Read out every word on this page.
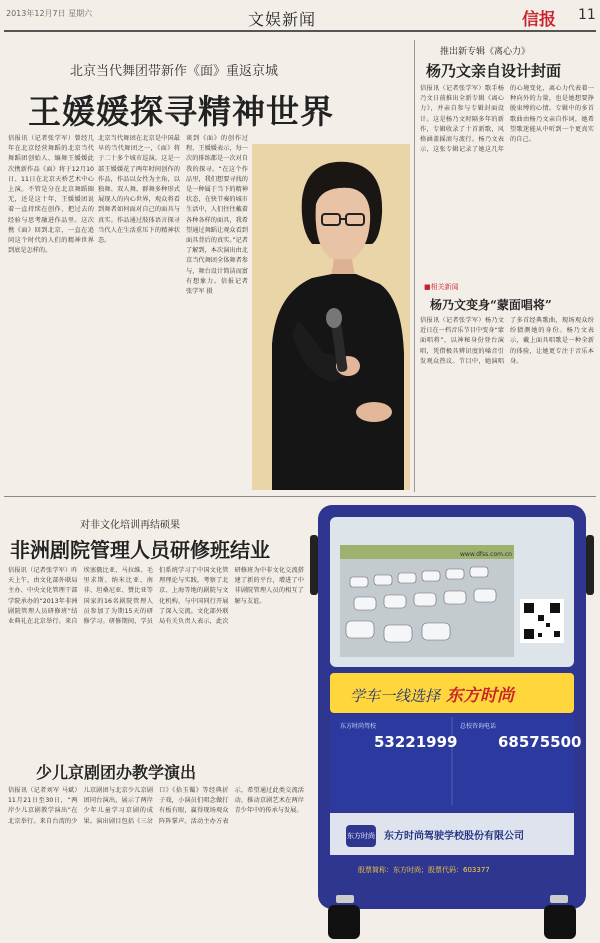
2013年12月7日 星期六	文娱新闻	信报 11
北京当代舞团带新作《面》重返京城
王媛媛探寻精神世界
信报讯（记者张学军）曾经几年在北京经营舞蹈的北京当代舞蹈团创始人、编舞王媛媛此次携新作品《面》将于12月10日、11日在北京天桥艺术中心上演。不管是分在北京舞蹈圈无，还是这十年，王媛媛团说着一直持续在创作，把过去的经验与思考融进作品里。这次携《面》回到北京，一直在追问这个时代的人们的精神世界到底是怎样的。
北京当代舞团在北京是中国最早的当代舞团之一，《面》将于二十多个城市巡演。这是一部王媛媛花了两年时间创作的作品，作品以女性为主角，以独舞、双人舞、群舞多种形式展现人的内心世界，观众将看到舞者如何面对自己的面具与真实。作品通过肢体语言探寻当代人在生活重压下的精神状态。
谈到《面》的创作过程，王媛媛表示，每一次的排练都是一次对自我的探寻。“在这个作品里，我们想要寻找的是一种属于当下的精神状态，在快节奏的城市生活中，人们往往戴着各种各样的面具，我希望通过舞蹈让观众看到面具背后的真实。”记者了解到，本次演出由北京当代舞团全体舞者参与，舞台设计简洁而富有想象力。信报记者 张学军 摄
推出新专辑《离心力》
杨乃文亲自设计封面
信报讯（记者张学军）歌手杨乃文日前推出全新专辑《离心力》，并亲自参与专辑封面设计。这是杨乃文时隔多年的新作，专辑收录了十首新歌，风格涵盖摇滚与流行。杨乃文表示，这张专辑记录了她这几年的心境变化，离心力代表着一种向外的力量，也是她想要挣脱束缚的心情。专辑中的多首歌曲由杨乃文亲自作词，她希望歌迷能从中听到一个更真实的自己。
■相关新闻
杨乃文变身“蒙面唱将”
信报讯（记者张学军）杨乃文近日在一档音乐节目中变身“蒙面唱将”，以神秘身份登台演唱，凭借极具辨识度的嗓音引发观众热议。节目中，她演唱了多首经典歌曲，现场观众纷纷猜测她的身份。杨乃文表示，戴上面具唱歌是一种全新的体验，让她更专注于音乐本身。
对非文化培训再结硕果
非洲剧院管理人员研修班结业
信报讯（记者张学军）昨天上午，由文化部外联局主办、中央文化管理干部学院承办的“2013年非洲剧院管理人员研修班”结业典礼在北京举行。来自埃塞俄比亚、马拉维、毛里求斯、纳米比亚、南非、坦桑尼亚、赞比亚等国家的16名剧院管理人员参加了为期15天的研修学习。研修期间，学员们系统学习了中国文化管理理论与实践，考察了北京、上海等地的剧院与文化机构，与中国同行开展了深入交流。文化部外联局有关负责人表示，此次研修班为中非文化交流搭建了新的平台，增进了中非剧院管理人员的相互了解与友谊。
少儿京剧团办教学演出
信报讯（记者刘军 马斌）11月21日至30日，“两岸少儿京剧教学演出”在北京举行。来自台湾的少儿京剧团与北京少儿京剧团同台演出，展示了两岸少年儿童学习京剧的成果。演出剧目包括《三岔口》《拾玉镯》等经典折子戏，小演员们唱念做打有板有眼，赢得现场观众阵阵掌声。活动主办方表示，希望通过此类交流活动，推动京剧艺术在两岸青少年中的传承与发展。
www.dfss.com.cn
学车一线选择 东方时尚
东方时尚驾校
53221999
总校咨询电话
68575500
东方时尚 东方时尚驾驶学校股份有限公司
股票简称：东方时尚；股票代码：603377
